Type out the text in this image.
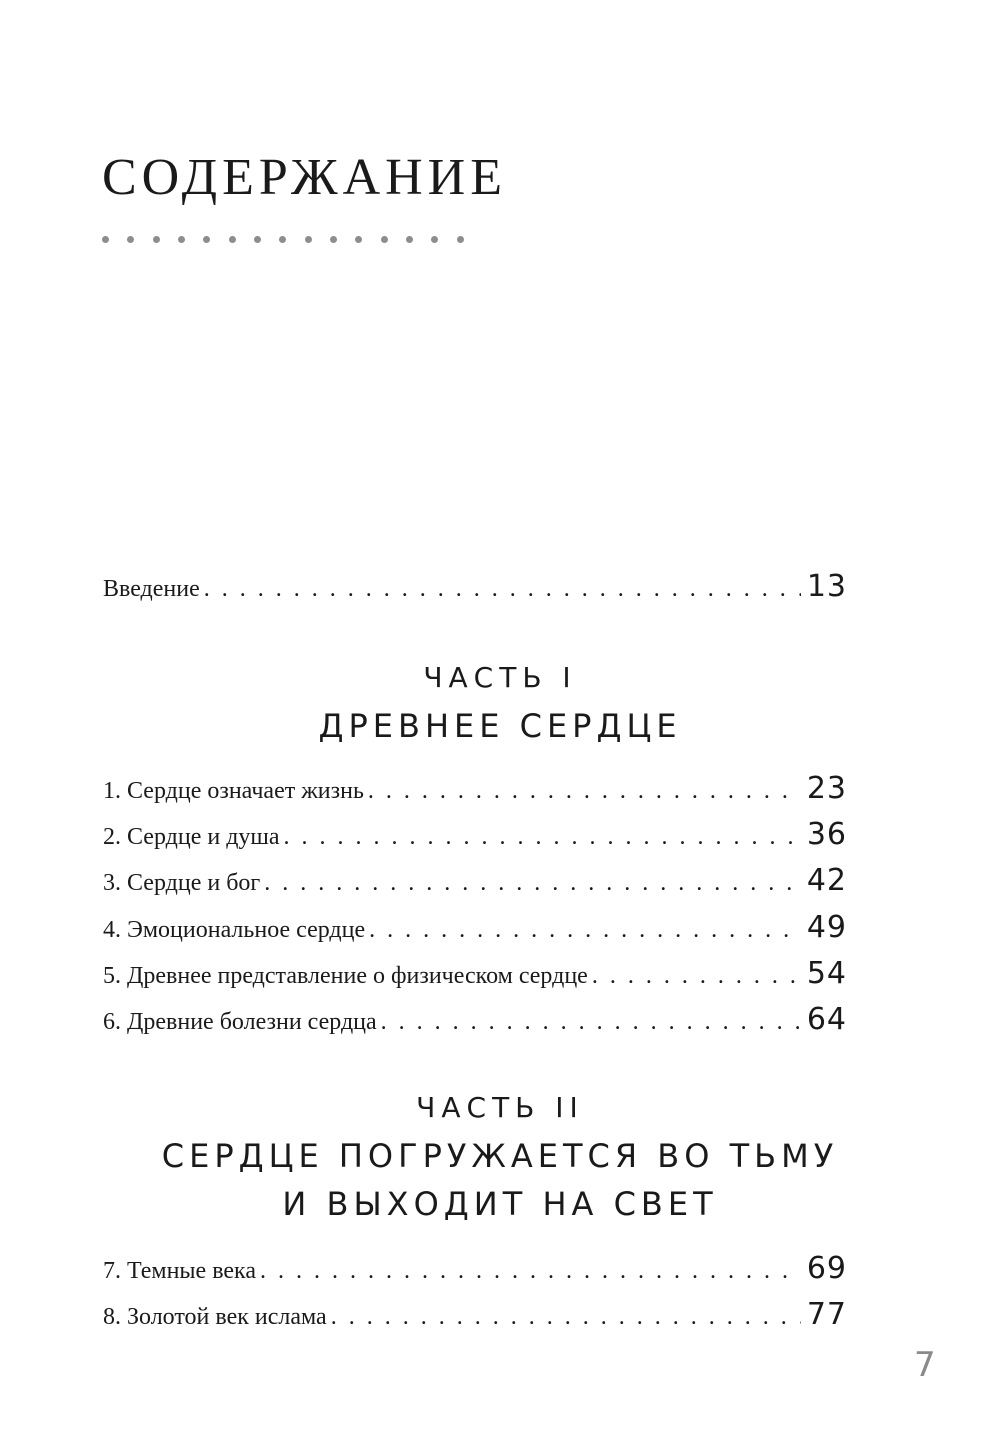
СОДЕРЖАНИЕ
Введение . . .	13
ЧАСТЬ I
ДРЕВНЕЕ СЕРДЦЕ
1. Сердце означает жизнь . . .	23
2. Сердце и душа . . .	36
3. Сердце и бог . . .	42
4. Эмоциональное сердце . . .	49
5. Древнее представление о физическом сердце . . .	54
6. Древние болезни сердца . . .	64
ЧАСТЬ II
СЕРДЦЕ ПОГРУЖАЕТСЯ ВО ТЬМУ
И ВЫХОДИТ НА СВЕТ
7. Темные века . . .	69
8. Золотой век ислама . . .	77
7
